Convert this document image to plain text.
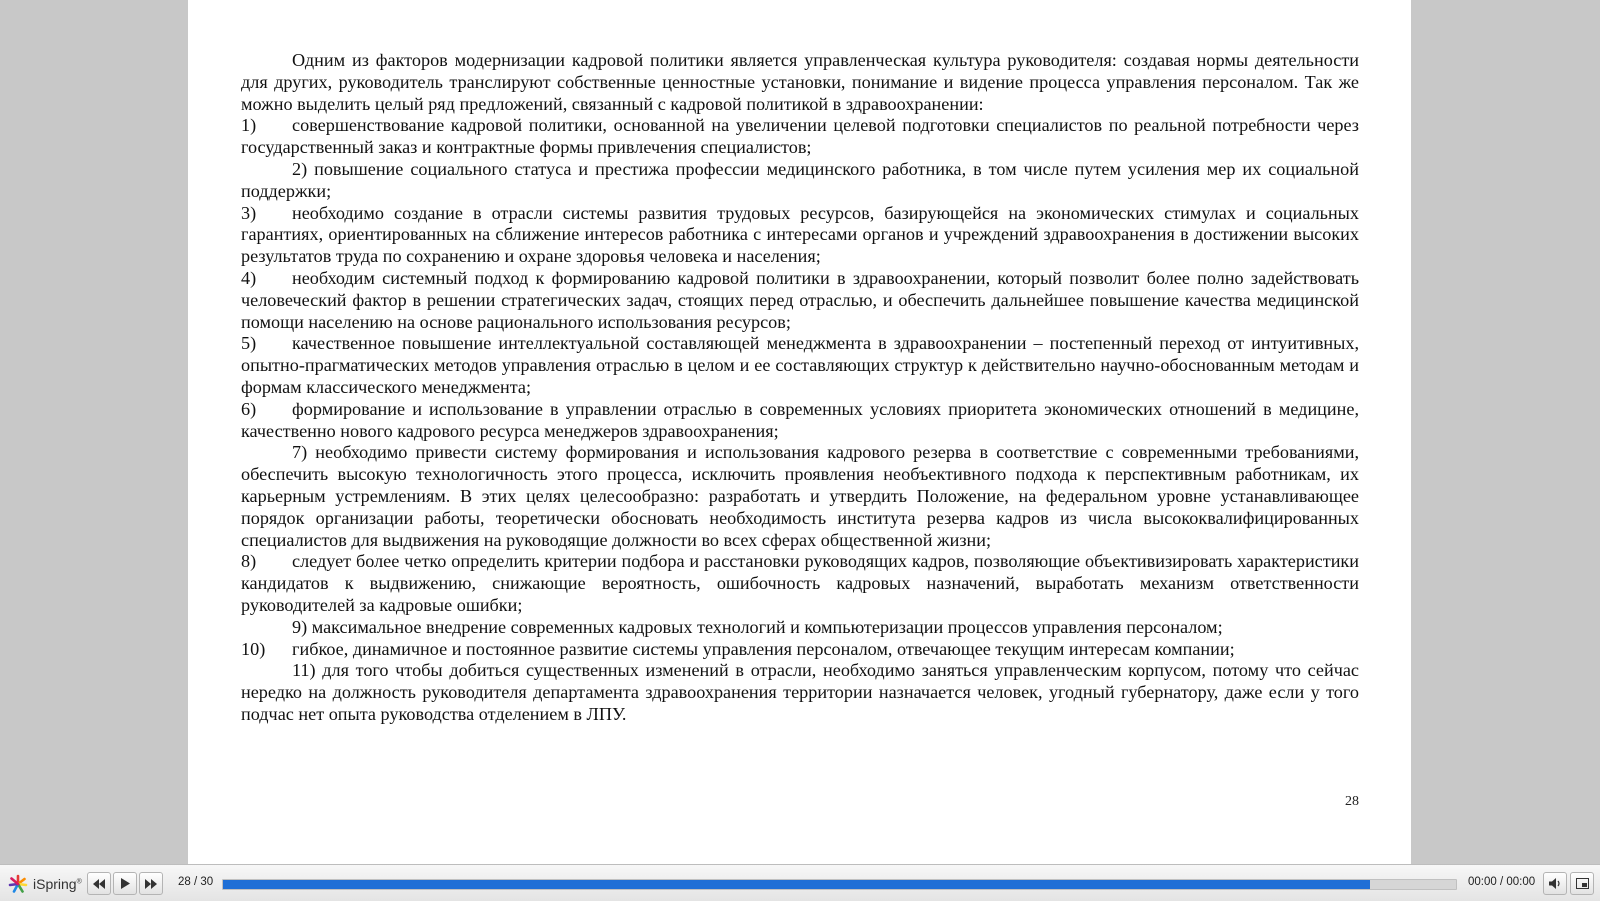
Одним из факторов модернизации кадровой политики является управленческая культура руководителя: создавая нормы деятельности для других, руководитель транслируют собственные ценностные установки, понимание и видение процесса управления персоналом. Так же можно выделить целый ряд предложений, связанный с кадровой политикой в здравоохранении:

1) совершенствование кадровой политики, основанной на увеличении целевой подготовки специалистов по реальной потребности через государственный заказ и контрактные формы привлечения специалистов;

2) повышение социального статуса и престижа профессии медицинского работника, в том числе путем усиления мер их социальной поддержки;

3) необходимо создание в отрасли системы развития трудовых ресурсов, базирующейся на экономических стимулах и социальных гарантиях, ориентированных на сближение интересов работника с интересами органов и учреждений здравоохранения в достижении высоких результатов труда по сохранению и охране здоровья человека и населения;

4) необходим системный подход к формированию кадровой политики в здравоохранении, который позволит более полно задействовать человеческий фактор в решении стратегических задач, стоящих перед отраслью, и обеспечить дальнейшее повышение качества медицинской помощи населению на основе рационального использования ресурсов;

5) качественное повышение интеллектуальной составляющей менеджмента в здравоохранении – постепенный переход от интуитивных, опытно-прагматических методов управления отраслью в целом и ее составляющих структур к действительно научно-обоснованным методам и формам классического менеджмента;

6) формирование и использование в управлении отраслью в современных условиях приоритета экономических отношений в медицине, качественно нового кадрового ресурса менеджеров здравоохранения;

7) необходимо привести систему формирования и использования кадрового резерва в соответствие с современными требованиями, обеспечить высокую технологичность этого процесса, исключить проявления необъективного подхода к перспективным работникам, их карьерным устремлениям. В этих целях целесообразно: разработать и утвердить Положение, на федеральном уровне устанавливающее порядок организации работы, теоретически обосновать необходимость института резерва кадров из числа высококвалифицированных специалистов для выдвижения на руководящие должности во всех сферах общественной жизни;

8) следует более четко определить критерии подбора и расстановки руководящих кадров, позволяющие объективизировать характеристики кандидатов к выдвижению, снижающие вероятность, ошибочность кадровых назначений, выработать механизм ответственности руководителей за кадровые ошибки;

9) максимальное внедрение современных кадровых технологий и компьютеризации процессов управления персоналом;

10) гибкое, динамичное и постоянное развитие системы управления персоналом, отвечающее текущим интересам компании;

11) для того чтобы добиться существенных изменений в отрасли, необходимо заняться управленческим корпусом, потому что сейчас нередко на должность руководителя департамента здравоохранения территории назначается человек, угодный губернатору, даже если у того подчас нет опыта руководства отделением в ЛПУ.

28
iSpring®	28 / 30	00:00 / 00:00
